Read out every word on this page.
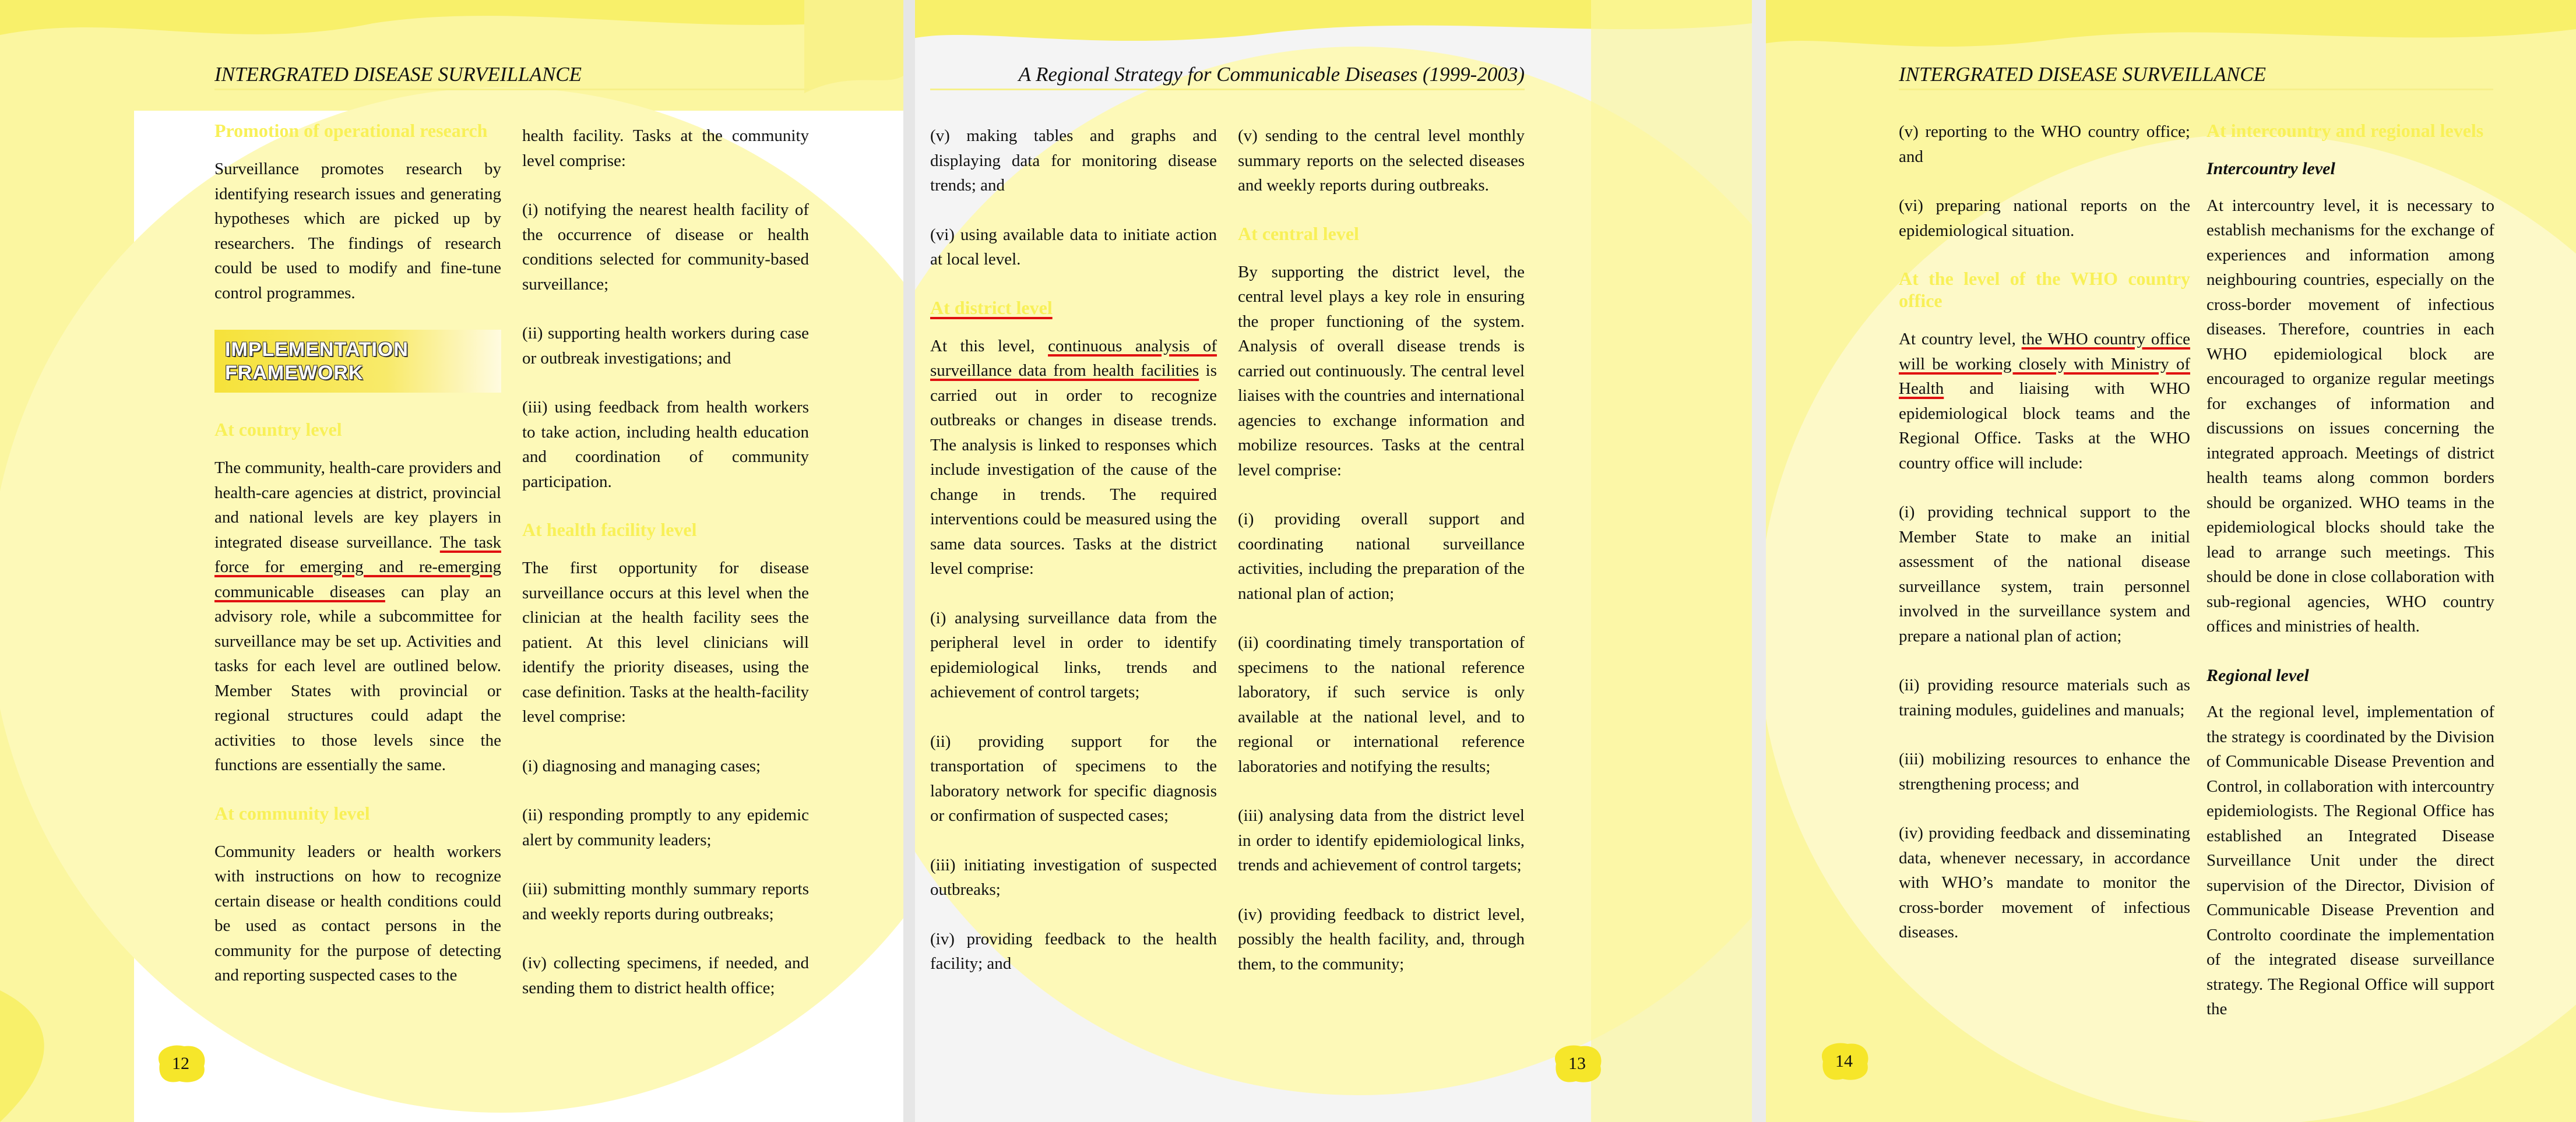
INTERGRATED DISEASE SURVEILLANCE
Promotion of operational research

Surveillance promotes research by identifying research issues and generating hypotheses which are picked up by researchers. The findings of research could be used to modify and fine-tune control programmes.

IMPLEMENTATION FRAMEWORK
At country level

The community, health-care providers and health-care agencies at district, provincial and national levels are key players in integrated disease surveillance. The task force for emerging and re-emerging communicable diseases can play an advisory role, while a subcommittee for surveillance may be set up. Activities and tasks for each level are outlined below. Member States with provincial or regional structures could adapt the activities to those levels since the functions are essentially the same.

At community level

Community leaders or health workers with instructions on how to recognize certain disease or health conditions could be used as contact persons in the community for the purpose of detecting and reporting suspected cases to the

health facility. Tasks at the community level comprise:

(i) notifying the nearest health facility of the occurrence of disease or health conditions selected for community-based surveillance;

(ii) supporting health workers during case or outbreak investigations; and

(iii) using feedback from health workers to take action, including health education and coordination of community participation.

At health facility level

The first opportunity for disease surveillance occurs at this level when the clinician at the health facility sees the patient. At this level clinicians will identify the priority diseases, using the case definition. Tasks at the health-facility level comprise:

(i) diagnosing and managing cases;

(ii) responding promptly to any epidemic alert by community leaders;

(iii) submitting monthly summary reports and weekly reports during outbreaks;

(iv) collecting specimens, if needed, and sending them to district health office;

12
A Regional Strategy for Communicable Diseases (1999-2003)

(v) making tables and graphs and displaying data for monitoring disease trends; and

(vi) using available data to initiate action at local level.

At district level

At this level, continuous analysis of surveillance data from health facilities is carried out in order to recognize outbreaks or changes in disease trends. The analysis is linked to responses which include investigation of the cause of the change in trends. The required interventions could be measured using the same data sources. Tasks at the district level comprise:

(i) analysing surveillance data from the peripheral level in order to identify epidemiological links, trends and achievement of control targets;

(ii) providing support for the transportation of specimens to the laboratory network for specific diagnosis or confirmation of suspected cases;

(iii) initiating investigation of suspected outbreaks;

(iv) providing feedback to the health facility; and

(v) sending to the central level monthly summary reports on the selected diseases and weekly reports during outbreaks.

At central level

By supporting the district level, the central level plays a key role in ensuring the proper functioning of the system. Analysis of overall disease trends is carried out continuously. The central level liaises with the countries and international agencies to exchange information and mobilize resources. Tasks at the central level comprise:

(i) providing overall support and coordinating national surveillance activities, including the preparation of the national plan of action;

(ii) coordinating timely transportation of specimens to the national reference laboratory, if such service is only available at the national level, and to regional or international reference laboratories and notifying the results;

(iii) analysing data from the district level in order to identify epidemiological links, trends and achievement of control targets;

(iv) providing feedback to district level, possibly the health facility, and, through them, to the community;

13
INTERGRATED DISEASE SURVEILLANCE

(v) reporting to the WHO country office; and

(vi) preparing national reports on the epidemiological situation.

At the level of the WHO country office

At country level, the WHO country office will be working closely with Ministry of Health and liaising with WHO epidemiological block teams and the Regional Office. Tasks at the WHO country office will include:

(i) providing technical support to the Member State to make an initial assessment of the national disease surveillance system, train personnel involved in the surveillance system and prepare a national plan of action;

(ii) providing resource materials such as training modules, guidelines and manuals;

(iii) mobilizing resources to enhance the strengthening process; and

(iv) providing feedback and disseminating data, whenever necessary, in accordance with WHO’s mandate to monitor the cross-border movement of infectious diseases.

At intercountry and regional levels
Intercountry level

At intercountry level, it is necessary to establish mechanisms for the exchange of experiences and information among neighbouring countries, especially on the cross-border movement of infectious diseases. Therefore, countries in each WHO epidemiological block are encouraged to organize regular meetings for exchanges of information and discussions on issues concerning the integrated approach. Meetings of district health teams along common borders should be organized. WHO teams in the epidemiological blocks should take the lead to arrange such meetings. This should be done in close collaboration with sub-regional agencies, WHO country offices and ministries of health.

Regional level

At the regional level, implementation of the strategy is coordinated by the Division of Communicable Disease Prevention and Control, in collaboration with intercountry epidemiologists. The Regional Office has established an Integrated Disease Surveillance Unit under the direct supervision of the Director, Division of Communicable Disease Prevention and Controlto coordinate the implementation of the integrated disease surveillance strategy. The Regional Office will support the

14
